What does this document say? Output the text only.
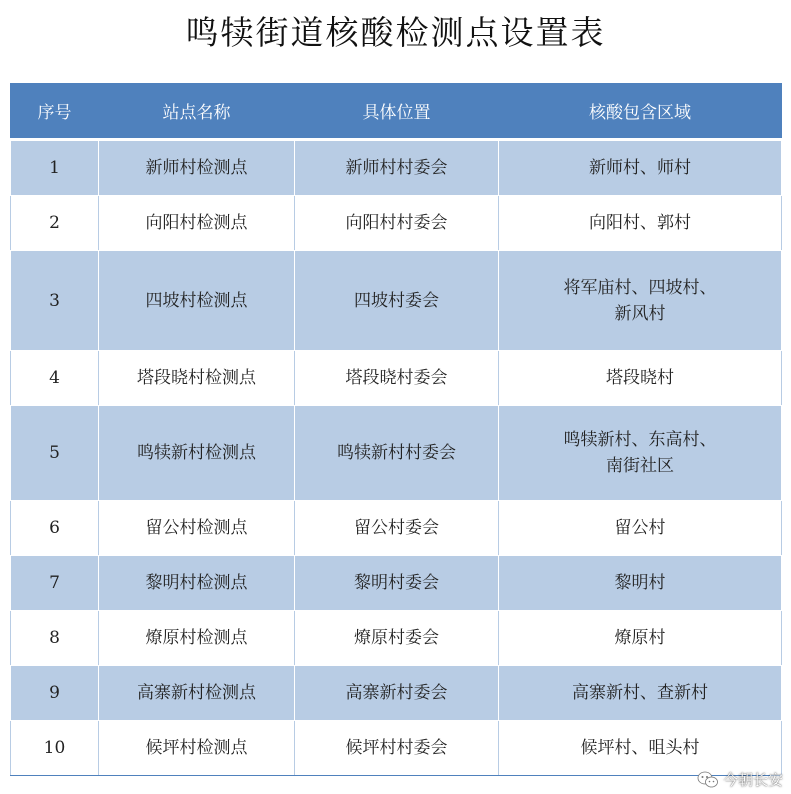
鸣犊街道核酸检测点设置表
序号	站点名称	具体位置	核酸包含区域
1	新师村检测点	新师村村委会	新师村、师村

2	向阳村检测点	向阳村村委会	向阳村、郭村

3	四坡村检测点	四坡村委会	将军庙村、四坡村、
新风村

4	塔段晓村检测点	塔段晓村委会	塔段晓村

5	鸣犊新村检测点	鸣犊新村村委会	鸣犊新村、东高村、
南街社区

6	留公村检测点	留公村委会	留公村

7	黎明村检测点	黎明村委会	黎明村

8	燎原村检测点	燎原村委会	燎原村

9	高寨新村检测点	高寨新村委会	高寨新村、查新村

10	候坪村检测点	候坪村村委会	候坪村、咀头村
今朝长安
